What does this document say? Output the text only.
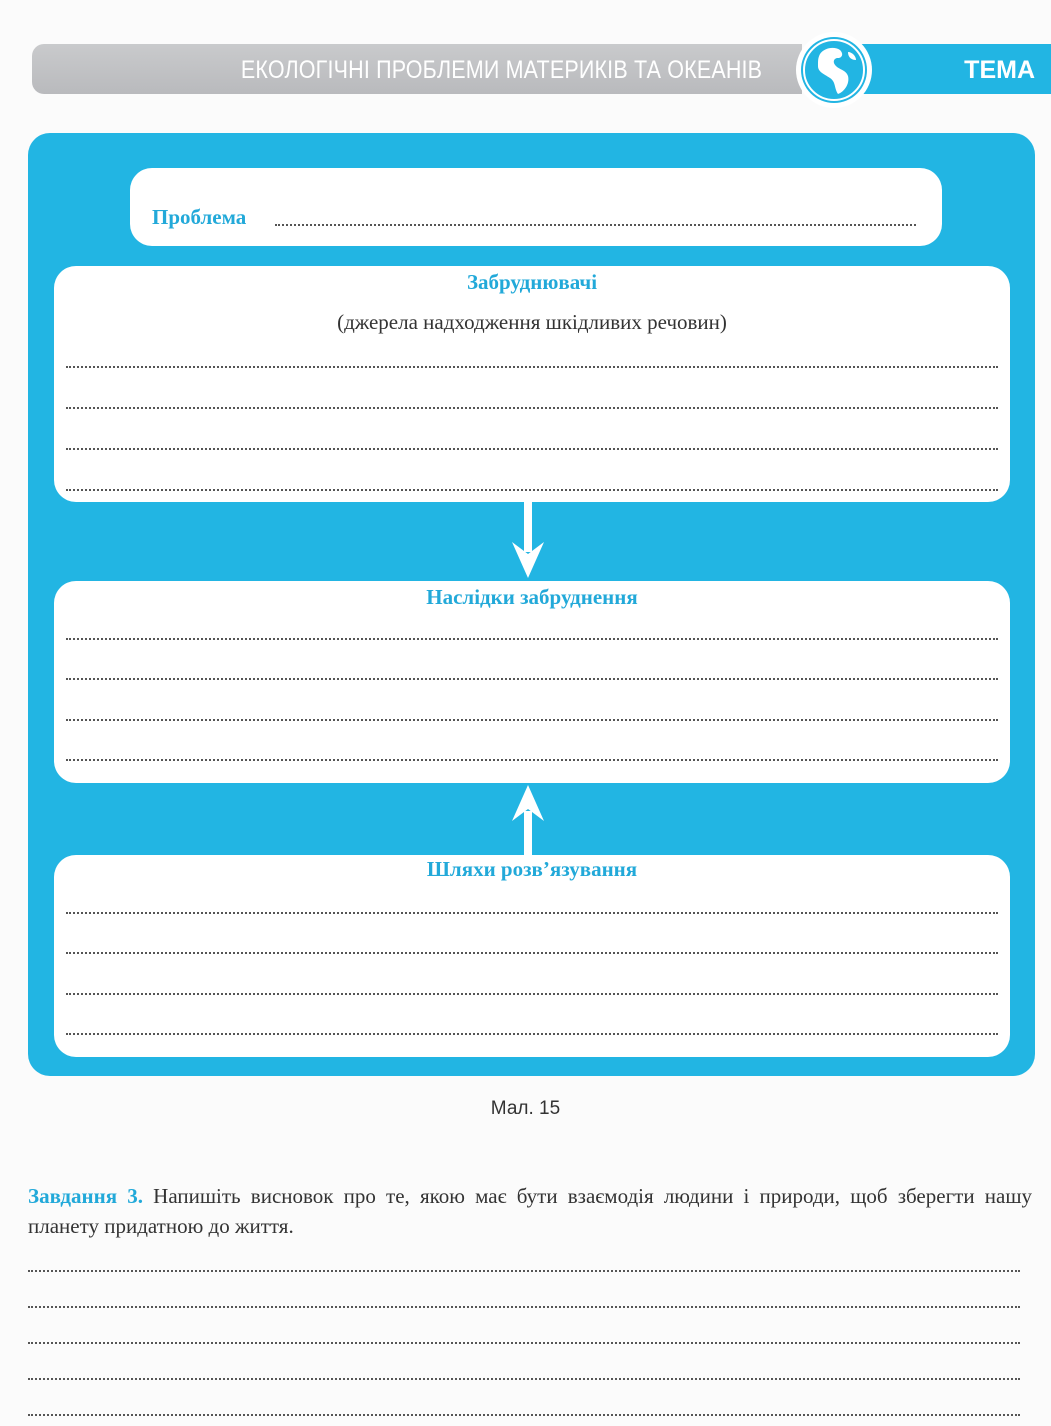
ЕКОЛОГІЧНІ ПРОБЛЕМИ МАТЕРИКІВ ТА ОКЕАНІВ	ТЕМА
Проблема
Забруднювачі
(джерела надходження шкідливих речовин)
Наслідки забруднення
Шляхи розв’язування
Мал. 15
Завдання 3. Напишіть висновок про те, якою має бути взаємодія людини і природи, щоб зберегти нашу планету придатною до життя.
